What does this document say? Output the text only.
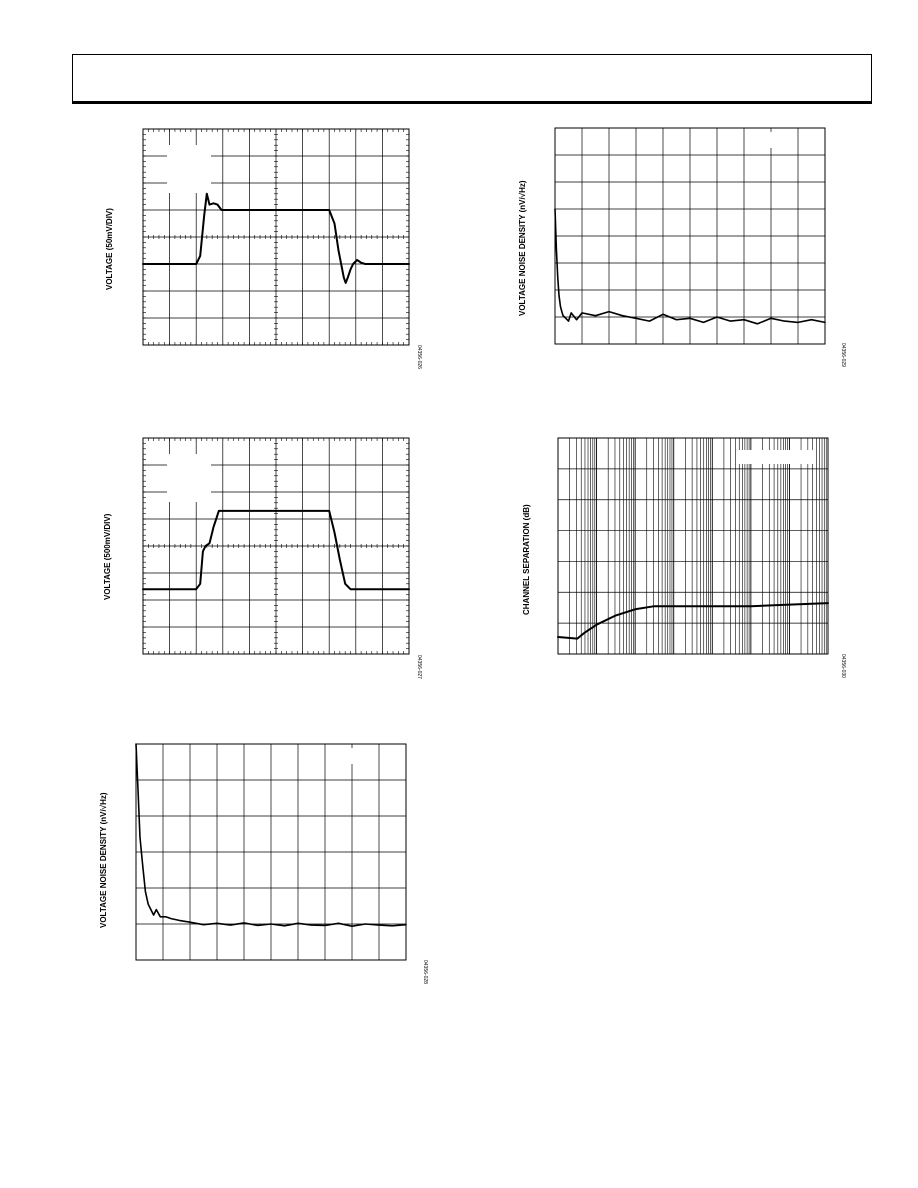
VOLTAGE (50mV/DIV)
04356-026
VOLTAGE (500mV/DIV)
04356-027
VOLTAGE NOISE DENSITY (nV/√Hz)
04356-028
VOLTAGE NOISE DENSITY (nV/√Hz)
04356-029
CHANNEL SEPARATION (dB)
04356-030
